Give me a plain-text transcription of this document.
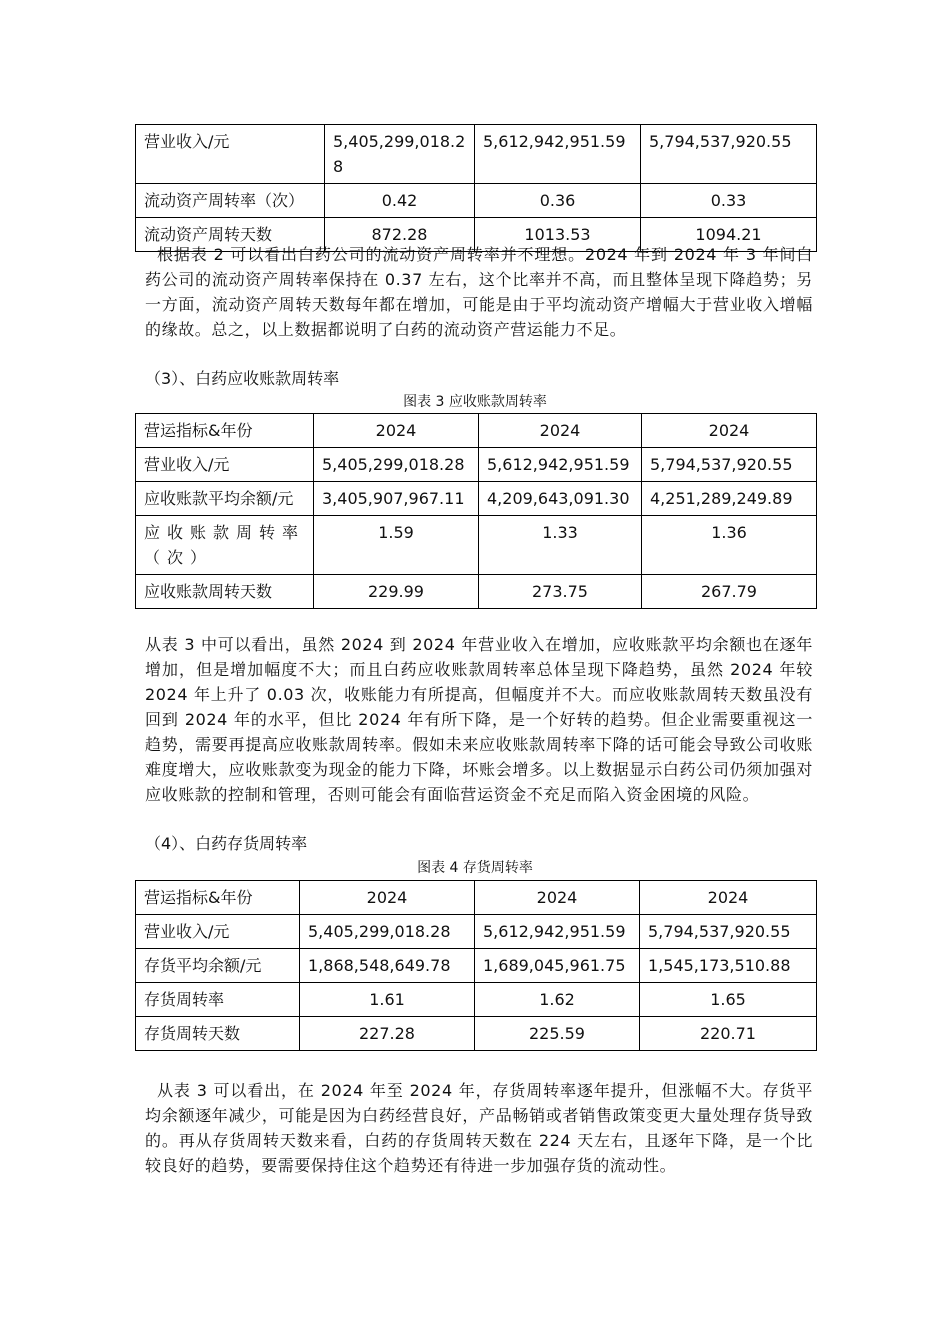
营业收入/元	5,405,299,018.28	5,612,942,951.59	5,794,537,920.55
流动资产周转率（次）	0.42	0.36	0.33
流动资产周转天数	872.28	1013.53	1094.21
根据表 2 可以看出白药公司的流动资产周转率并不理想。2024 年到 2024 年 3 年间白药公司的流动资产周转率保持在 0.37 左右，这个比率并不高，而且整体呈现下降趋势；另一方面，流动资产周转天数每年都在增加，可能是由于平均流动资产增幅大于营业收入增幅的缘故。总之，以上数据都说明了白药的流动资产营运能力不足。
（3）、白药应收账款周转率
图表 3 应收账款周转率
营运指标&年份	2024	2024	2024
营业收入/元	5,405,299,018.28	5,612,942,951.59	5,794,537,920.55
应收账款平均余额/元	3,405,907,967.11	4,209,643,091.30	4,251,289,249.89
应收账款周转率（次）	1.59	1.33	1.36
应收账款周转天数	229.99	273.75	267.79
从表 3 中可以看出，虽然 2024 到 2024 年营业收入在增加，应收账款平均余额也在逐年增加，但是增加幅度不大；而且白药应收账款周转率总体呈现下降趋势，虽然 2024 年较 2024 年上升了 0.03 次，收账能力有所提高，但幅度并不大。而应收账款周转天数虽没有回到 2024 年的水平，但比 2024 年有所下降，是一个好转的趋势。但企业需要重视这一趋势，需要再提高应收账款周转率。假如未来应收账款周转率下降的话可能会导致公司收账难度增大，应收账款变为现金的能力下降，坏账会增多。以上数据显示白药公司仍须加强对应收账款的控制和管理，否则可能会有面临营运资金不充足而陷入资金困境的风险。
（4）、白药存货周转率
图表 4 存货周转率
营运指标&年份	2024	2024	2024
营业收入/元	5,405,299,018.28	5,612,942,951.59	5,794,537,920.55
存货平均余额/元	1,868,548,649.78	1,689,045,961.75	1,545,173,510.88
存货周转率	1.61	1.62	1.65
存货周转天数	227.28	225.59	220.71
从表 3 可以看出，在 2024 年至 2024 年，存货周转率逐年提升，但涨幅不大。存货平均余额逐年减少，可能是因为白药经营良好，产品畅销或者销售政策变更大量处理存货导致的。再从存货周转天数来看，白药的存货周转天数在 224 天左右，且逐年下降，是一个比较良好的趋势，要需要保持住这个趋势还有待进一步加强存货的流动性。
